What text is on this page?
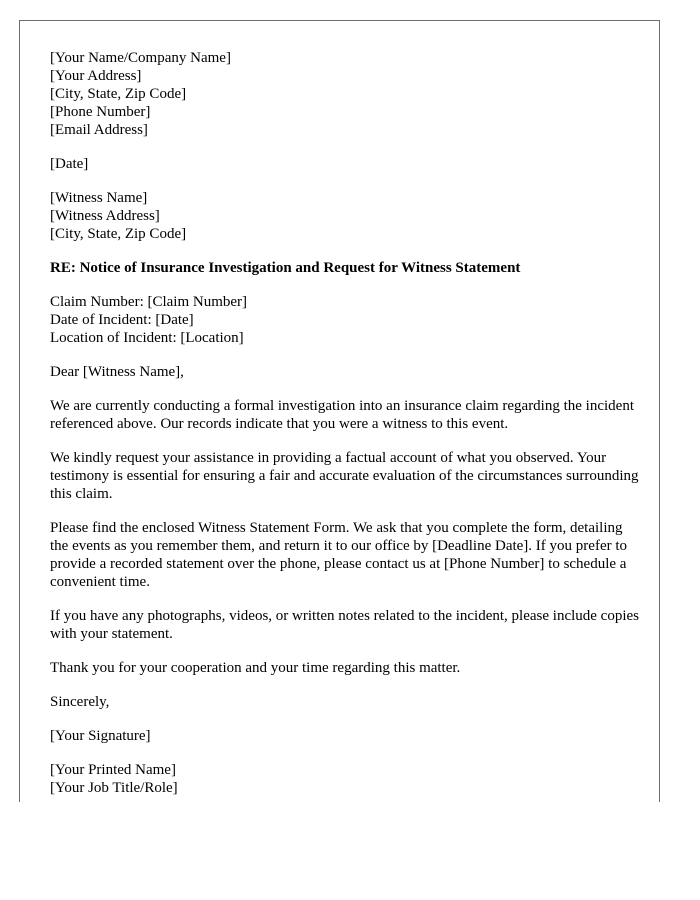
[Your Name/Company Name]
[Your Address]
[City, State, Zip Code]
[Phone Number]
[Email Address]
[Date]
[Witness Name]
[Witness Address]
[City, State, Zip Code]
RE: Notice of Insurance Investigation and Request for Witness Statement
Claim Number: [Claim Number]
Date of Incident: [Date]
Location of Incident: [Location]
Dear [Witness Name],
We are currently conducting a formal investigation into an insurance claim regarding the incident referenced above. Our records indicate that you were a witness to this event.
We kindly request your assistance in providing a factual account of what you observed. Your testimony is essential for ensuring a fair and accurate evaluation of the circumstances surrounding this claim.
Please find the enclosed Witness Statement Form. We ask that you complete the form, detailing the events as you remember them, and return it to our office by [Deadline Date]. If you prefer to provide a recorded statement over the phone, please contact us at [Phone Number] to schedule a convenient time.
If you have any photographs, videos, or written notes related to the incident, please include copies with your statement.
Thank you for your cooperation and your time regarding this matter.
Sincerely,
[Your Signature]
[Your Printed Name]
[Your Job Title/Role]
